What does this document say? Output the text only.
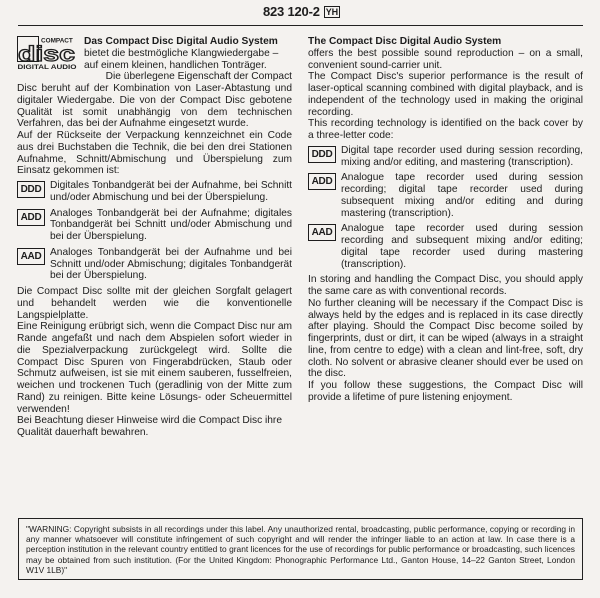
823 120-2 YH
COMPACT
disc
DIGITAL AUDIO

Das Compact Disc Digital Audio System

bietet die bestmögliche Klangwiedergabe –

auf einem kleinen, handlichen Tonträger.

Die überlegene Eigenschaft der Compact

Disc beruht auf der Kombination von Laser-Abtastung und digitaler Wiedergabe. Die von der Compact Disc gebotene Qualität ist somit unabhängig von dem technischen Verfahren, das bei der Aufnahme eingesetzt wurde.

Auf der Rückseite der Verpackung kennzeichnet ein Code aus drei Buchstaben die Technik, die bei den drei Stationen Aufnahme, Schnitt/Abmischung und Überspielung zum Einsatz gekommen ist:

DDD Digitales Tonbandgerät bei der Aufnahme, bei Schnitt und/oder Abmischung und bei der Überspielung.
ADD Analoges Tonbandgerät bei der Aufnahme; digitales Tonbandgerät bei Schnitt und/oder Abmischung und bei der Überspielung.
AAD Analoges Tonbandgerät bei der Aufnahme und bei Schnitt und/oder Abmischung; digitales Tonbandgerät bei der Überspielung.

Die Compact Disc sollte mit der gleichen Sorgfalt gelagert und behandelt werden wie die konventionelle Langspielplatte.

Eine Reinigung erübrigt sich, wenn die Compact Disc nur am Rande angefaßt und nach dem Abspielen sofort wieder in die Spezialverpackung zurückgelegt wird. Sollte die Compact Disc Spuren von Fingerabdrücken, Staub oder Schmutz aufweisen, ist sie mit einem sauberen, fusselfreien, weichen und trockenen Tuch (geradlinig von der Mitte zum Rand) zu reinigen. Bitte keine Lösungs- oder Scheuermittel verwenden!

Bei Beachtung dieser Hinweise wird die Compact Disc ihre Qualität dauerhaft bewahren.

The Compact Disc Digital Audio System

offers the best possible sound reproduction – on a small, convenient sound-carrier unit.

The Compact Disc's superior performance is the result of laser-optical scanning combined with digital playback, and is independent of the technology used in making the original recording.

This recording technology is identified on the back cover by a three-letter code:

DDD Digital tape recorder used during session recording, mixing and/or editing, and mastering (transcription).
ADD Analogue tape recorder used during session recording; digital tape recorder used during subsequent mixing and/or editing and during mastering (transcription).
AAD Analogue tape recorder used during session recording and subsequent mixing and/or editing; digital tape recorder used during mastering (transcription).

In storing and handling the Compact Disc, you should apply the same care as with conventional records.

No further cleaning will be necessary if the Compact Disc is always held by the edges and is replaced in its case directly after playing. Should the Compact Disc become soiled by fingerprints, dust or dirt, it can be wiped (always in a straight line, from centre to edge) with a clean and lint-free, soft, dry cloth. No solvent or abrasive cleaner should ever be used on the disc.

If you follow these suggestions, the Compact Disc will provide a lifetime of pure listening enjoyment.

"WARNING: Copyright subsists in all recordings under this label. Any unauthorized rental, broadcasting, public performance, copying or recording in any manner whatsoever will constitute infringement of such copyright and will render the infringer liable to an action at law. In case there is a perception institution in the relevant country entitled to grant licences for the use of recordings for public performance or broadcasting, such licences may be obtained from such institution. (For the United Kingdom: Phonographic Performance Ltd., Ganton House, 14–22 Ganton Street, London W1V 1LB)"
